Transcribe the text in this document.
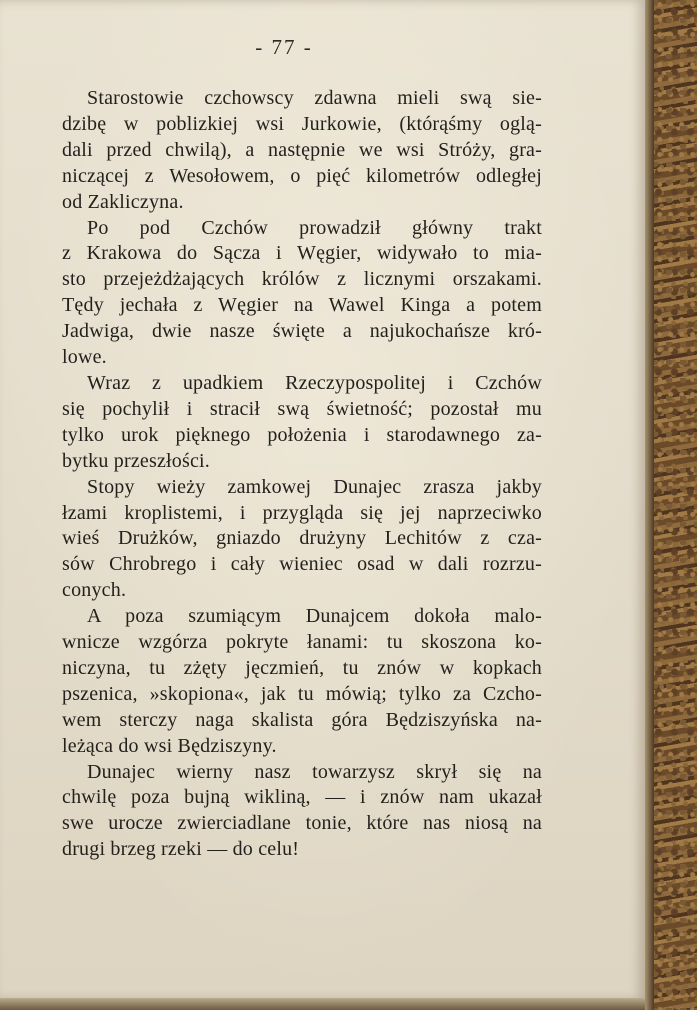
- 77 -
Starostowie czchowscy zdawna mieli swą sie-
dzibę w poblizkiej wsi Jurkowie, (którąśmy oglą-
dali przed chwilą), a następnie we wsi Stróży, gra-
niczącej z Wesołowem, o pięć kilometrów odległej
od Zakliczyna.
Po pod Czchów prowadził główny trakt
z Krakowa do Sącza i Węgier, widywało to mia-
sto przejeżdżających królów z licznymi orszakami.
Tędy jechała z Węgier na Wawel Kinga a potem
Jadwiga, dwie nasze święte a najukochańsze kró-
lowe.
Wraz z upadkiem Rzeczypospolitej i Czchów
się pochylił i stracił swą świetność; pozostał mu
tylko urok pięknego położenia i starodawnego za-
bytku przeszłości.
Stopy wieży zamkowej Dunajec zrasza jakby
łzami kroplistemi, i przygląda się jej naprzeciwko
wieś Drużków, gniazdo drużyny Lechitów z cza-
sów Chrobrego i cały wieniec osad w dali rozrzu-
conych.
A poza szumiącym Dunajcem dokoła malo-
wnicze wzgórza pokryte łanami: tu skoszona ko-
niczyna, tu zżęty jęczmień, tu znów w kopkach
pszenica, »skopiona«, jak tu mówią; tylko za Czcho-
wem sterczy naga skalista góra Będziszyńska na-
leżąca do wsi Będziszyny.
Dunajec wierny nasz towarzysz skrył się na
chwilę poza bujną wikliną, — i znów nam ukazał
swe urocze zwierciadlane tonie, które nas niosą na
drugi brzeg rzeki — do celu!
